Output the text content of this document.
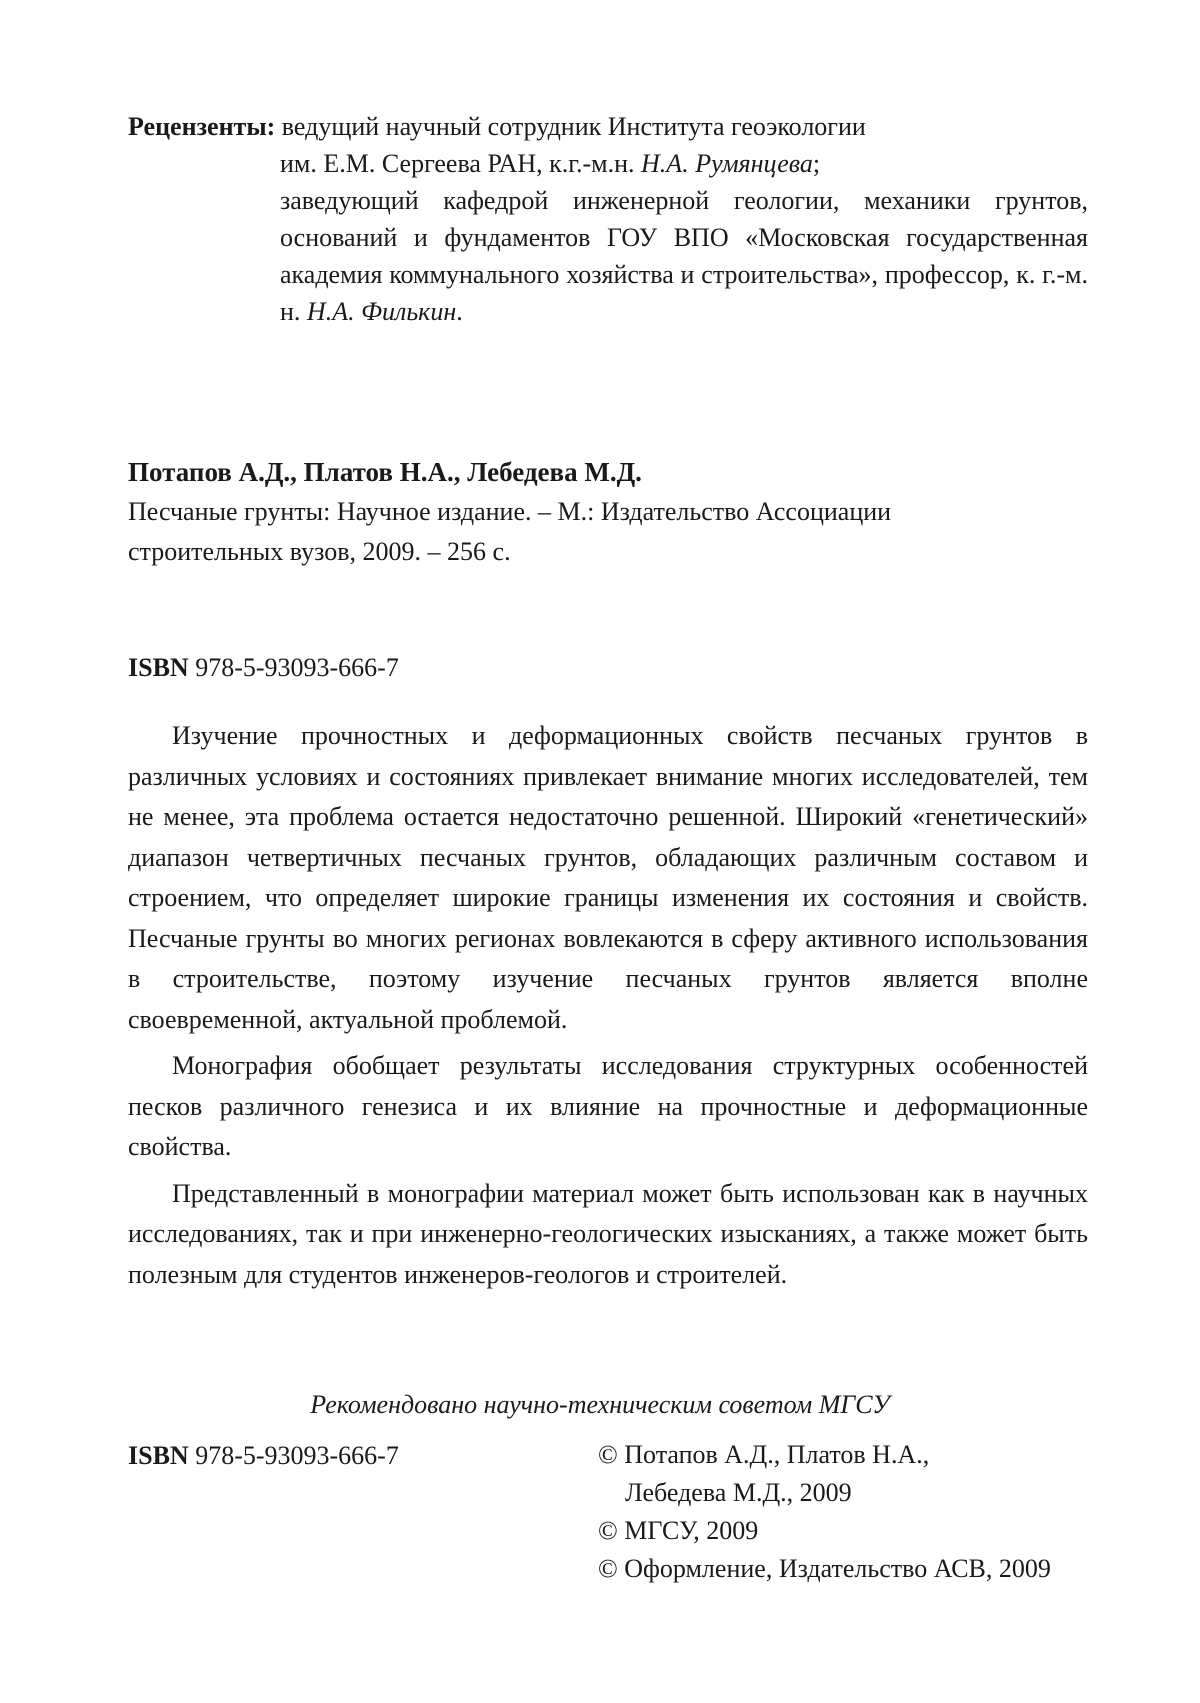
Рецензенты: ведущий научный сотрудник Института геоэкологии
им. Е.М. Сергеева РАН, к.г.-м.н. Н.А. Румянцева;
заведующий кафедрой инженерной геологии, механики грунтов, оснований и фундаментов ГОУ ВПО «Московская государственная академия коммунального хозяйства и строительства», профессор, к. г.-м. н. Н.А. Филькин.
Потапов А.Д., Платов Н.А., Лебедева М.Д.
Песчаные грунты: Научное издание. – М.: Издательство Ассоциации
строительных вузов, 2009. – 256 с.
ISBN 978-5-93093-666-7

Изучение прочностных и деформационных свойств песчаных грунтов в различных условиях и состояниях привлекает внимание многих исследователей, тем не менее, эта проблема остается недостаточно решенной. Широкий «генетический» диапазон четвертичных песчаных грунтов, обладающих различным составом и строением, что определяет широкие границы изменения их состояния и свойств. Песчаные грунты во многих регионах вовлекаются в сферу активного использования в строительстве, поэтому изучение песчаных грунтов является вполне своевременной, актуальной проблемой.

Монография обобщает результаты исследования структурных особенностей песков различного генезиса и их влияние на прочностные и деформационные свойства.

Представленный в монографии материал может быть использован как в научных исследованиях, так и при инженерно-геологических изысканиях, а также может быть полезным для студентов инженеров-геологов и строителей.

Рекомендовано научно-техническим советом МГСУ
ISBN 978-5-93093-666-7	© Потапов А.Д., Платов Н.А.,
Лебедева М.Д., 2009
© МГСУ, 2009
© Оформление, Издательство АСВ, 2009
